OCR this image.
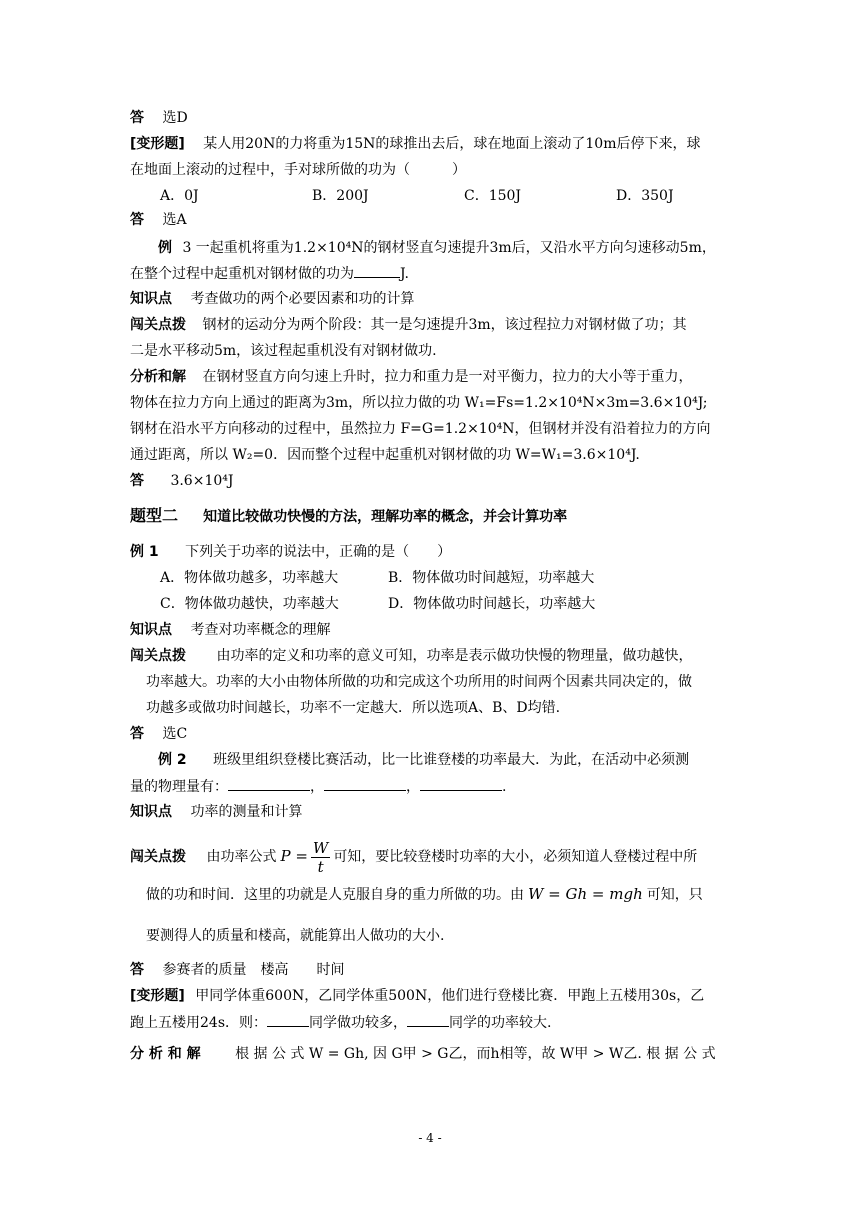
答 选D
[变形题] 某人用20N的力将重为15N的球推出去后，球在地面上滚动了10m后停下来，球
在地面上滚动的过程中，手对球所做的功为（　　　）
A．0J	B．200J	C．150J	D．350J
答 选A
例 3 一起重机将重为1.2×10⁴N的钢材竖直匀速提升3m后，又沿水平方向匀速移动5m，
在整个过程中起重机对钢材做的功为	J.
知识点 考查做功的两个必要因素和功的计算
闯关点拨 钢材的运动分为两个阶段：其一是匀速提升3m，该过程拉力对钢材做了功；其
二是水平移动5m，该过程起重机没有对钢材做功.
分析和解 在钢材竖直方向匀速上升时，拉力和重力是一对平衡力，拉力的大小等于重力，
物体在拉力方向上通过的距离为3m，所以拉力做的功 W₁=Fs=1.2×10⁴N×3m=3.6×10⁴J;
钢材在沿水平方向移动的过程中，虽然拉力 F=G=1.2×10⁴N，但钢材并没有沿着拉力的方向
通过距离，所以 W₂=0．因而整个过程中起重机对钢材做的功 W=W₁=3.6×10⁴J.
答 3.6×10⁴J
题型二 知道比较做功快慢的方法，理解功率的概念，并会计算功率
例 1 下列关于功率的说法中，正确的是（　　）
A．物体做功越多，功率越大	B．物体做功时间越短，功率越大
C．物体做功越快，功率越大	D．物体做功时间越长，功率越大
知识点 考查对功率概念的理解
闯关点拨 由功率的定义和功率的意义可知，功率是表示做功快慢的物理量，做功越快，
功率越大。功率的大小由物体所做的功和完成这个功所用的时间两个因素共同决定的，做
功越多或做功时间越长，功率不一定越大．所以选项A、B、D均错.
答 选C
例 2 班级里组织登楼比赛活动，比一比谁登楼的功率最大．为此，在活动中必须测
量的物理量有：	，	，	.
知识点 功率的测量和计算
闯关点拨 由功率公式 $P = \frac{W}{t}$ 可知，要比较登楼时功率的大小，必须知道人登楼过程中所
做的功和时间．这里的功就是人克服自身的重力所做的功。由 W = Gh = mgh 可知，只
要测得人的质量和楼高，就能算出人做功的大小.
答 参赛者的质量　楼高　　时间
[变形题] 甲同学体重600N，乙同学体重500N，他们进行登楼比赛．甲跑上五楼用30s，乙
跑上五楼用24s．则：	同学做功较多，	同学的功率较大.
分 析 和 解 根 据 公 式 W = Gh, 因 G甲 > G乙，而h相等，故 W甲 > W乙. 根 据 公 式
- 4 -
